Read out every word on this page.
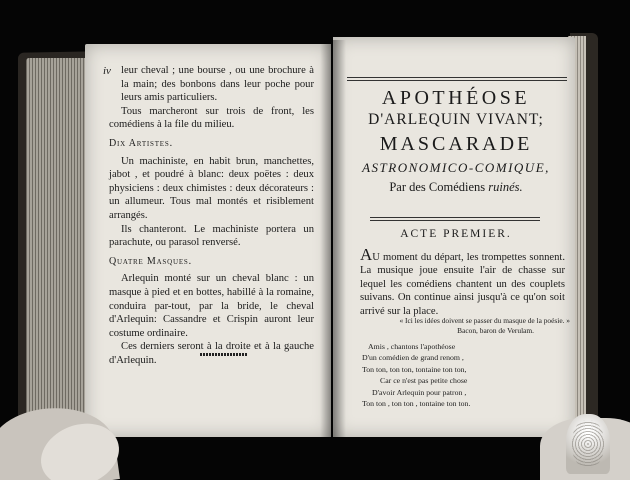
iv leur cheval ; une bourse , ou une brochure à la main; des bonbons dans leur poche pour leurs amis particuliers.

Tous marcheront sur trois de front, les comédiens à la file du milieu.

Dix Artistes.

Un machiniste, en habit brun, manchettes, jabot , et poudré à blanc: deux poëtes : deux physiciens : deux chimistes : deux décorateurs : un allumeur. Tous mal montés et risiblement arrangés.

Ils chanteront. Le machiniste portera un parachute, ou parasol renversé.

Quatre Masques.

Arlequin monté sur un cheval blanc : un masque à pied et en bottes, habillé à la romaine, conduira par-tout, par la bride, le cheval d'Arlequin: Cassandre et Crispin auront leur costume ordinaire.

Ces derniers seront à la droite et à la gauche d'Arlequin.

APOTHÉOSE

D'ARLEQUIN VIVANT;

MASCARADE

ASTRONOMICO-COMIQUE,

Par des Comédiens ruinés.

ACTE PREMIER.

AU moment du départ, les trompettes sonnent. La musique joue ensuite l'air de chasse sur lequel les comédiens chantent un des couplets suivans. On continue ainsi jusqu'à ce qu'on soit arrivé sur la place.

« Ici les idées doivent se passer du masque de la poésie. »

Bacon, baron de Verulam.

Amis , chantons l'apothéose

D'un comédien de grand renom ,

Ton ton, ton ton, tontaine ton ton,

Car ce n'est pas petite chose

D'avoir Arlequin pour patron ,

Ton ton , ton ton , tontaine ton ton.
